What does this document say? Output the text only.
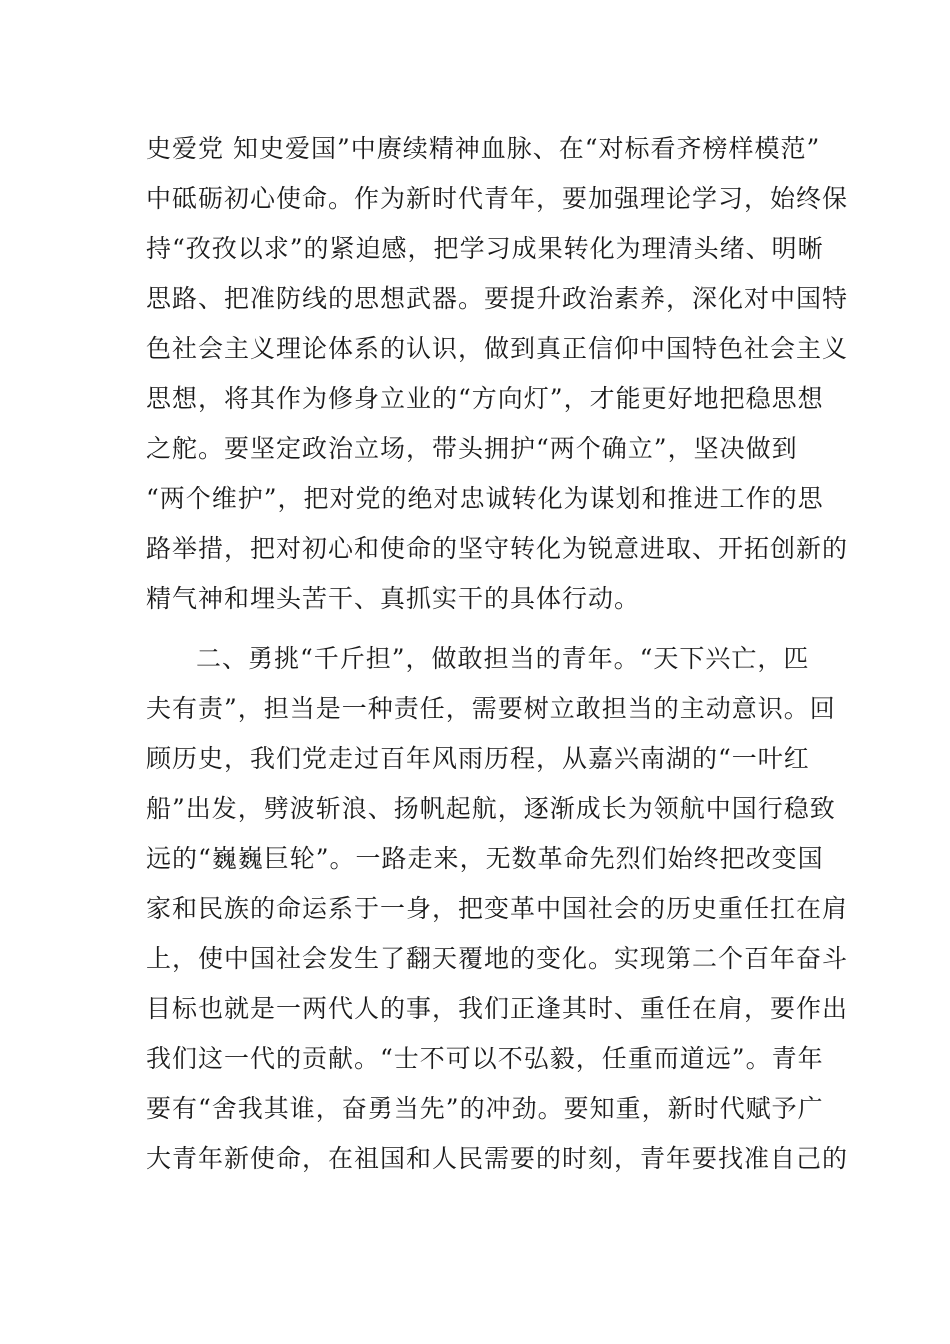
史爱党 知史爱国”中赓续精神血脉、在“对标看齐榜样模范”
中砥砺初心使命。作为新时代青年，要加强理论学习，始终保
持“孜孜以求”的紧迫感，把学习成果转化为理清头绪、明晰
思路、把准防线的思想武器。要提升政治素养，深化对中国特
色社会主义理论体系的认识，做到真正信仰中国特色社会主义
思想，将其作为修身立业的“方向灯”，才能更好地把稳思想
之舵。要坚定政治立场，带头拥护“两个确立”，坚决做到
“两个维护”，把对党的绝对忠诚转化为谋划和推进工作的思
路举措，把对初心和使命的坚守转化为锐意进取、开拓创新的
精气神和埋头苦干、真抓实干的具体行动。
二、勇挑“千斤担”，做敢担当的青年。“天下兴亡，匹
夫有责”，担当是一种责任，需要树立敢担当的主动意识。回
顾历史，我们党走过百年风雨历程，从嘉兴南湖的“一叶红
船”出发，劈波斩浪、扬帆起航，逐渐成长为领航中国行稳致
远的“巍巍巨轮”。一路走来，无数革命先烈们始终把改变国
家和民族的命运系于一身，把变革中国社会的历史重任扛在肩
上，使中国社会发生了翻天覆地的变化。实现第二个百年奋斗
目标也就是一两代人的事，我们正逢其时、重任在肩，要作出
我们这一代的贡献。“士不可以不弘毅，任重而道远”。青年
要有“舍我其谁，奋勇当先”的冲劲。要知重，新时代赋予广
大青年新使命，在祖国和人民需要的时刻，青年要找准自己的
